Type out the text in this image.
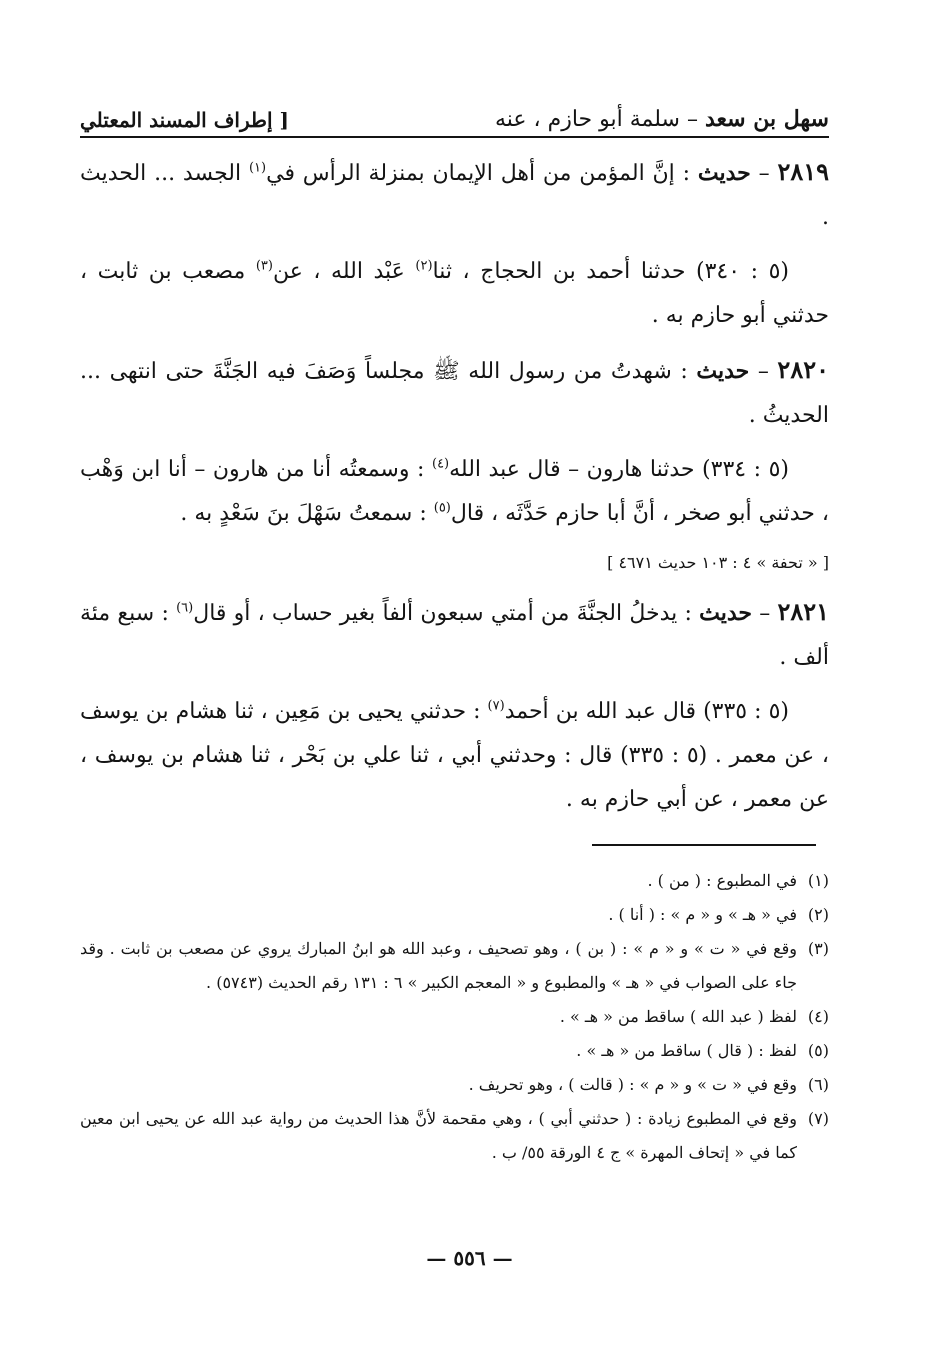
سهل بن سعد – سلمة أبو حازم ، عنه
[ إطراف المسند المعتلي

٢٨١٩ – حديث : إنَّ المؤمن من أهل الإيمان بمنزلة الرأس في$^{(١)}$ الجسد ... الحديث .

(٥ : ٣٤٠) حدثنا أحمد بن الحجاج ، ثنا$^{(٢)}$ عَبْد الله ، عن$^{(٣)}$ مصعب بن ثابت ، حدثني أبو حازم به .

٢٨٢٠ – حديث : شهدتُ من رسول الله ﷺ مجلساً وَصَفَ فيه الجَنَّةَ حتى انتهى ... الحديثُ .

(٥ : ٣٣٤) حدثنا هارون – قال عبد الله$^{(٤)}$ : وسمعتُه أنا من هارون – أنا ابن وَهْب ، حدثني أبو صخر ، أنَّ أبا حازم حَدَّثَه ، قال$^{(٥)}$ : سمعتُ سَهْلَ بنَ سَعْدٍ به .

[ « تحفة » ٤ : ١٠٣ حديث ٤٦٧١ ]

٢٨٢١ – حديث : يدخلُ الجنَّةَ من أمتي سبعون ألفاً بغير حساب ، أو قال$^{(٦)}$ : سبع مئة ألف .

(٥ : ٣٣٥) قال عبد الله بن أحمد$^{(٧)}$ : حدثني يحيى بن مَعِين ، ثنا هشام بن يوسف ، عن معمر . (٥ : ٣٣٥) قال : وحدثني أبي ، ثنا علي بن بَحْر ، ثنا هشام بن يوسف ، عن معمر ، عن أبي حازم به .

(١)
في المطبوع : ( من ) .
(٢)
في « هـ » و « م » : ( أنا ) .
(٣)
وقع في « ت » و « م » : ( بن ) ، وهو تصحيف ، وعبد الله هو ابنُ المبارك يروي عن مصعب بن ثابت . وقد جاء على الصواب في « هـ » والمطبوع و « المعجم الكبير » ٦ : ١٣١ رقم الحديث (٥٧٤٣) .
(٤)
لفظ ( عبد الله ) ساقط من « هـ » .
(٥)
لفظ : ( قال ) ساقط من « هـ » .
(٦)
وقع في « ت » و « م » : ( قالت ) ، وهو تحريف .
(٧)
وقع في المطبوع زيادة : ( حدثني أبي ) ، وهي مقحمة لأنَّ هذا الحديث من رواية عبد الله عن يحيى ابن معين كما في « إتحاف المهرة » ج ٤ الورقة ٥٥/ ب .
— ٥٥٦ —
